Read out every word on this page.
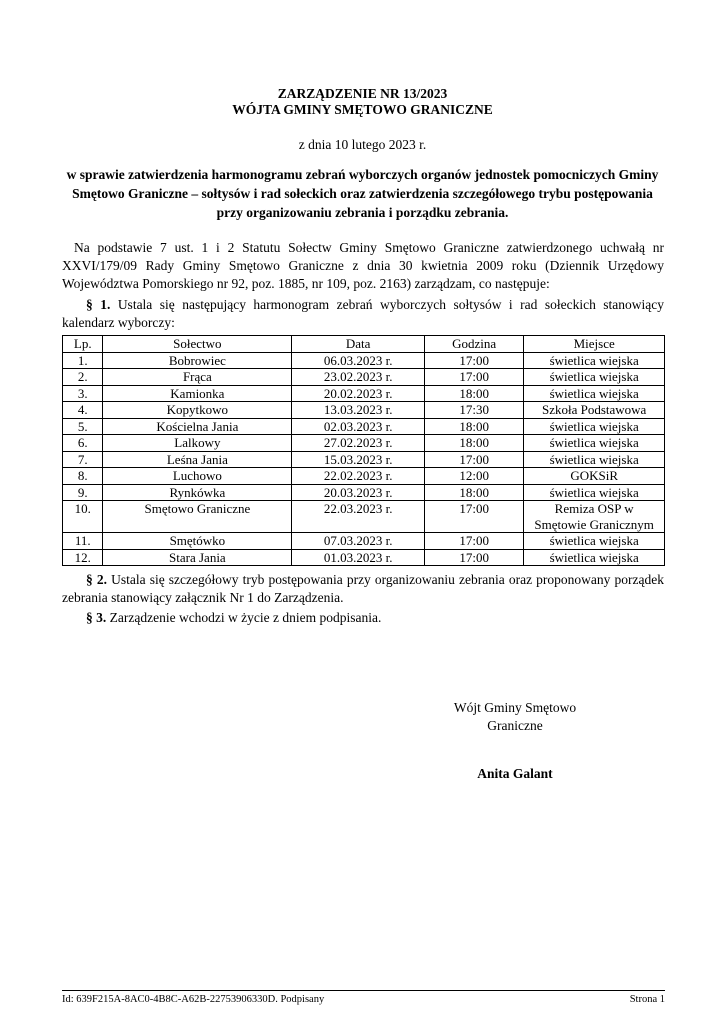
ZARZĄDZENIE NR 13/2023
WÓJTA GMINY SMĘTOWO GRANICZNE
z dnia 10 lutego 2023 r.
w sprawie zatwierdzenia harmonogramu zebrań wyborczych organów jednostek pomocniczych Gminy
Smętowo Graniczne – sołtysów i rad sołeckich oraz zatwierdzenia szczegółowego trybu postępowania
przy organizowaniu zebrania i porządku zebrania.
Na podstawie 7 ust. 1 i 2 Statutu Sołectw Gminy Smętowo Graniczne zatwierdzonego uchwałą nr XXVI/179/09 Rady Gminy Smętowo Graniczne z dnia 30 kwietnia 2009 roku (Dziennik Urzędowy Województwa Pomorskiego nr 92, poz. 1885, nr 109, poz. 2163) zarządzam, co następuje:
§ 1. Ustala się następujący harmonogram zebrań wyborczych sołtysów i rad sołeckich stanowiący kalendarz wyborczy:
Lp.	Sołectwo	Data	Godzina	Miejsce
1.	Bobrowiec	06.03.2023 r.	17:00	świetlica wiejska
2.	Frąca	23.02.2023 r.	17:00	świetlica wiejska
3.	Kamionka	20.02.2023 r.	18:00	świetlica wiejska
4.	Kopytkowo	13.03.2023 r.	17:30	Szkoła Podstawowa
5.	Kościelna Jania	02.03.2023 r.	18:00	świetlica wiejska
6.	Lalkowy	27.02.2023 r.	18:00	świetlica wiejska
7.	Leśna Jania	15.03.2023 r.	17:00	świetlica wiejska
8.	Luchowo	22.02.2023 r.	12:00	GOKSiR
9.	Rynkówka	20.03.2023 r.	18:00	świetlica wiejska
10.	Smętowo Graniczne	22.03.2023 r.	17:00	Remiza OSP w Smętowie Granicznym
11.	Smętówko	07.03.2023 r.	17:00	świetlica wiejska
12.	Stara Jania	01.03.2023 r.	17:00	świetlica wiejska
§ 2. Ustala się szczegółowy tryb postępowania przy organizowaniu zebrania oraz proponowany porządek zebrania stanowiący załącznik Nr 1 do Zarządzenia.
§ 3. Zarządzenie wchodzi w życie z dniem podpisania.
Wójt Gminy Smętowo
Graniczne
Anita Galant
Id: 639F215A-8AC0-4B8C-A62B-22753906330D. Podpisany	Strona 1
